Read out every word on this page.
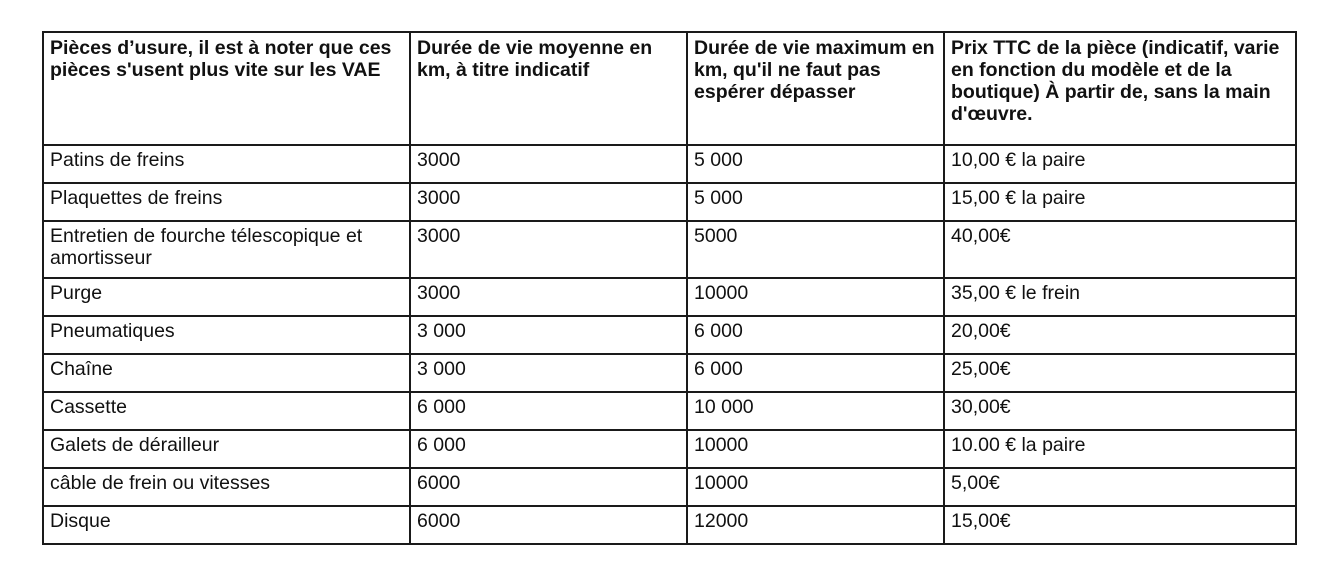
Pièces d’usure, il est à noter que ces pièces s'usent plus vite sur les VAE	Durée de vie moyenne en km, à titre indicatif	Durée de vie maximum en km, qu'il ne faut pas espérer dépasser	Prix TTC de la pièce (indicatif, varie en fonction du modèle et de la boutique) À partir de, sans la main d'œuvre.
Patins de freins	3000	5 000	10,00 € la paire
Plaquettes de freins	3000	5 000	15,00 € la paire
Entretien de fourche télescopique et amortisseur	3000	5000	40,00€
Purge	3000	10000	35,00 € le frein
Pneumatiques	3 000	6 000	20,00€
Chaîne	3 000	6 000	25,00€
Cassette	6 000	10 000	30,00€
Galets de dérailleur	6 000	10000	10.00 € la paire
câble de frein ou vitesses	6000	10000	5,00€
Disque	6000	12000	15,00€
